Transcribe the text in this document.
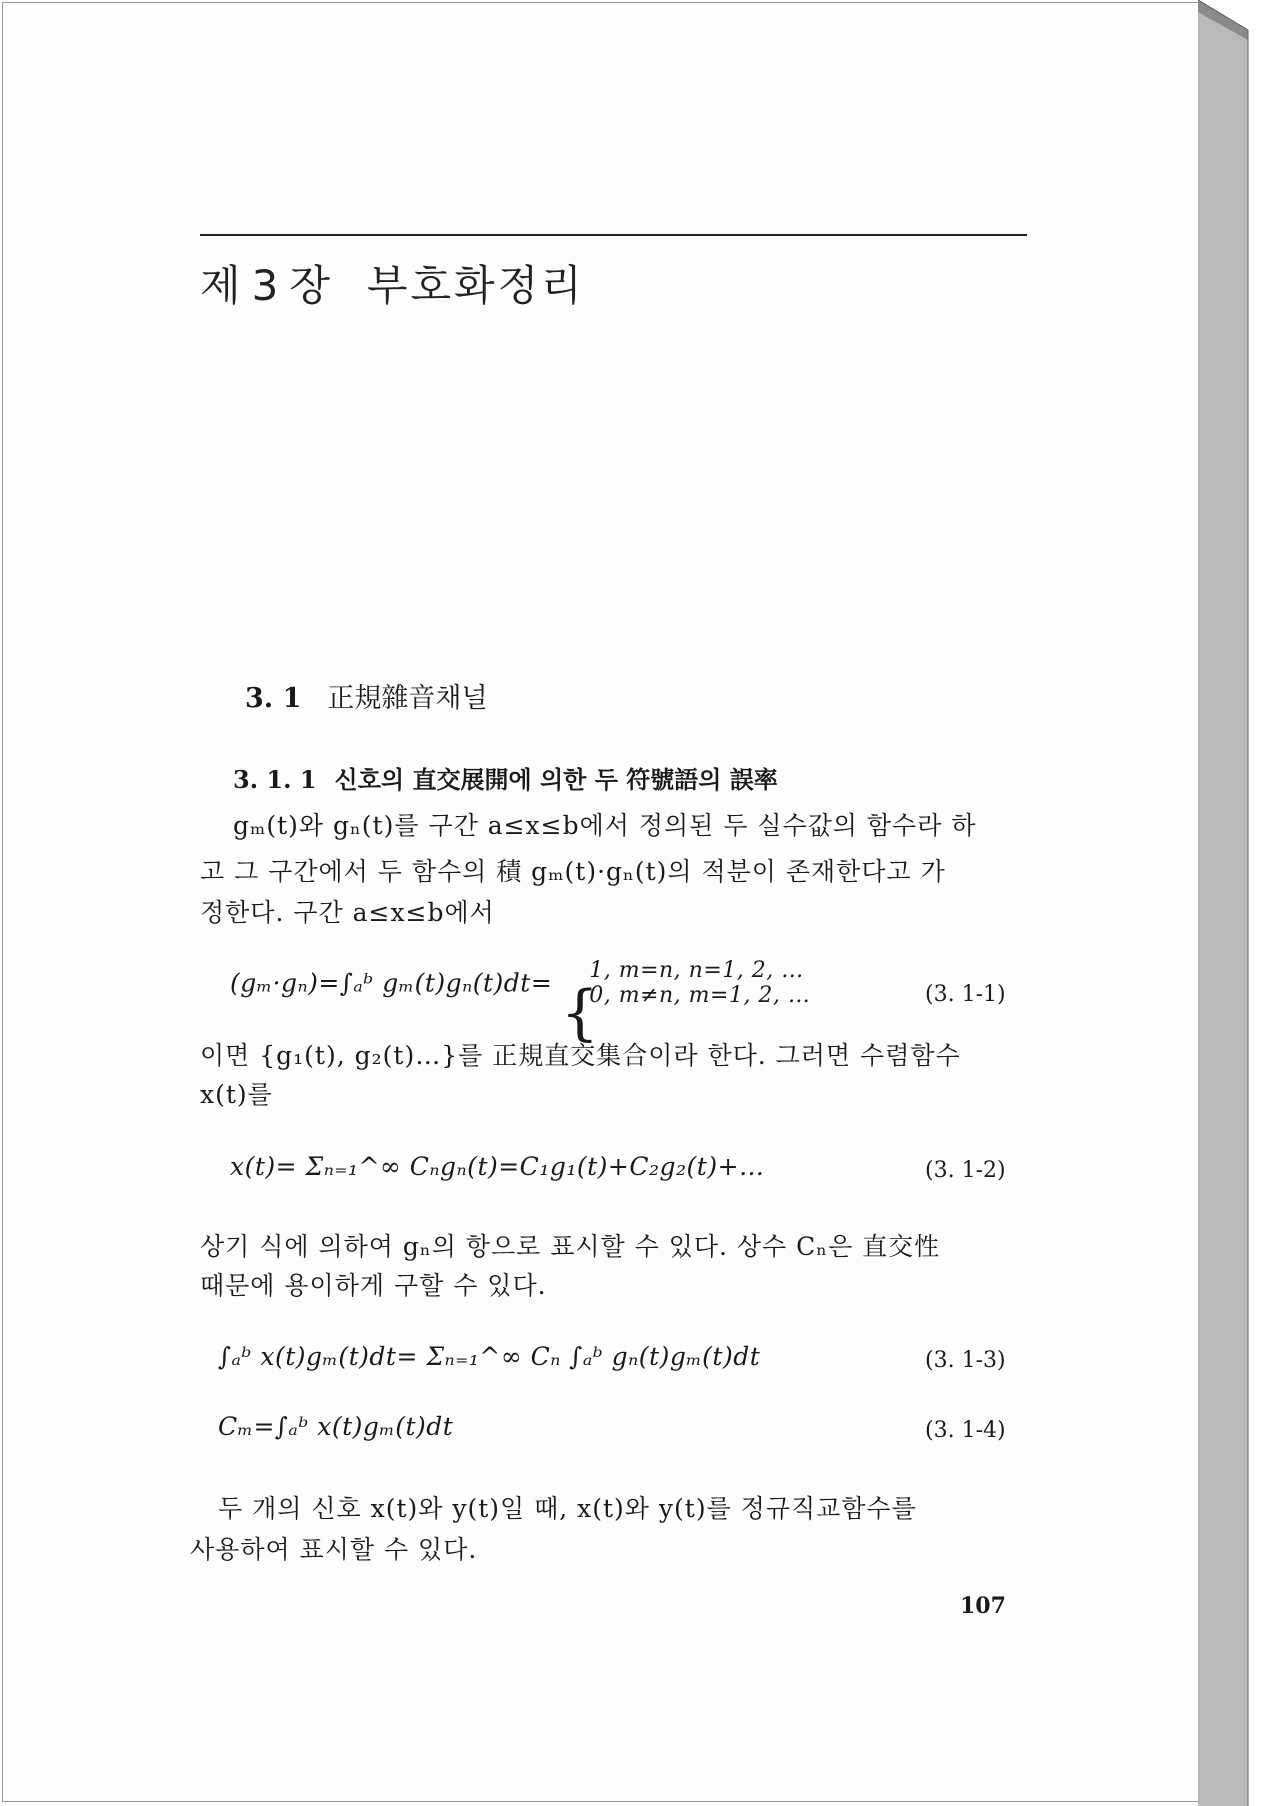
제 3 장 부호화정리
3. 1 正規雜音채널
3. 1. 1 신호의 直交展開에 의한 두 符號語의 誤率
gₘ(t)와 gₙ(t)를 구간 a≤x≤b에서 정의된 두 실수값의 함수라 하
고 그 구간에서 두 함수의 積 gₘ(t)·gₙ(t)의 적분이 존재한다고 가
정한다. 구간 a≤x≤b에서
(gₘ·gₙ)=∫ₐᵇ gₘ(t)gₙ(t)dt= {

1, m=n, n=1, 2, …
0, m≠n, m=1, 2, …	(3. 1-1)
이면 {g₁(t), g₂(t)…}를 正規直交集合이라 한다. 그러면 수렴함수
x(t)를
x(t)= Σₙ₌₁^∞ Cₙgₙ(t)=C₁g₁(t)+C₂g₂(t)+…	(3. 1-2)
상기 식에 의하여 gₙ의 항으로 표시할 수 있다. 상수 Cₙ은 直交性
때문에 용이하게 구할 수 있다.
∫ₐᵇ x(t)gₘ(t)dt= Σₙ₌₁^∞ Cₙ ∫ₐᵇ gₙ(t)gₘ(t)dt	(3. 1-3)
Cₘ=∫ₐᵇ x(t)gₘ(t)dt	(3. 1-4)
두 개의 신호 x(t)와 y(t)일 때, x(t)와 y(t)를 정규직교함수를
사용하여 표시할 수 있다.
107
